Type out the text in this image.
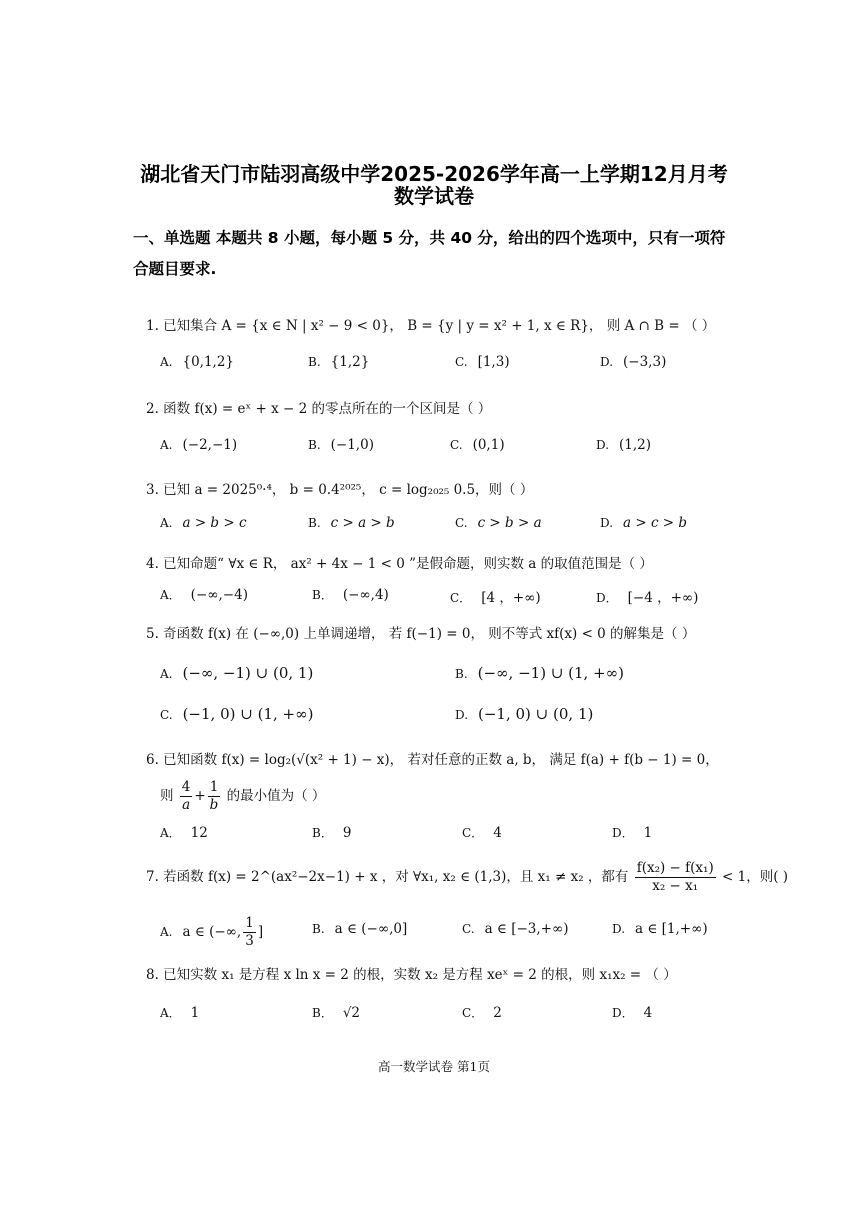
湖北省天门市陆羽高级中学2025-2026学年高一上学期12月月考
数学试卷
一、单选题 本题共 8 小题，每小题 5 分，共 40 分，给出的四个选项中，只有一项符合题目要求.
1. 已知集合 A = {x ∈ N | x² − 9 < 0}， B = {y | y = x² + 1, x ∈ R}， 则 A ∩ B = （ ）
A. {0,1,2}	B. {1,2}	C. [1,3)	D. (−3,3)
2. 函数 f(x) = eˣ + x − 2 的零点所在的一个区间是（ ）
A. (−2,−1)	B. (−1,0)	C. (0,1)	D. (1,2)
3. 已知 a = 2025⁰·⁴， b = 0.4²⁰²⁵， c = log₂₀₂₅ 0.5，则（ ）
A. a > b > c	B. c > a > b	C. c > b > a	D. a > c > b
4. 已知命题“ ∀x ∈ R， ax² + 4x − 1 < 0 ”是假命题，则实数 a 的取值范围是（ ）
A． (−∞,−4)	B． (−∞,4)	C． [4 ，+∞)	D． [−4 ，+∞)
5. 奇函数 f(x) 在 (−∞,0) 上单调递增， 若 f(−1) = 0， 则不等式 xf(x) < 0 的解集是（ ）
A. (−∞, −1) ∪ (0, 1)	B. (−∞, −1) ∪ (1, +∞)
C. (−1, 0) ∪ (1, +∞)	D. (−1, 0) ∪ (0, 1)
6. 已知函数 f(x) = log₂(√(x² + 1) − x)， 若对任意的正数 a, b， 满足 f(a) + f(b − 1) = 0，
则 $\frac{4}{a} + \frac{1}{b}$ 的最小值为（ ）
A． 12	B． 9	C． 4	D． 1
7. 若函数 f(x) = 2^(ax²−2x−1) + x ，对 ∀x₁, x₂ ∈ (1,3)，且 x₁ ≠ x₂ ，都有 $\frac{\text{f(x₂) − f(x₁)}}{\text{x₂ − x₁}} < 1$，则( )
A. a ∈ (−∞, $\frac{1}{3}$ ]	B. a ∈ (−∞,0]	C. a ∈ [−3,+∞)	D. a ∈ [1,+∞)
8. 已知实数 x₁ 是方程 x ln x = 2 的根，实数 x₂ 是方程 xeˣ = 2 的根，则 x₁x₂ = （ ）
A． 1	B． √2	C． 2	D． 4
高一数学试卷 第1页
